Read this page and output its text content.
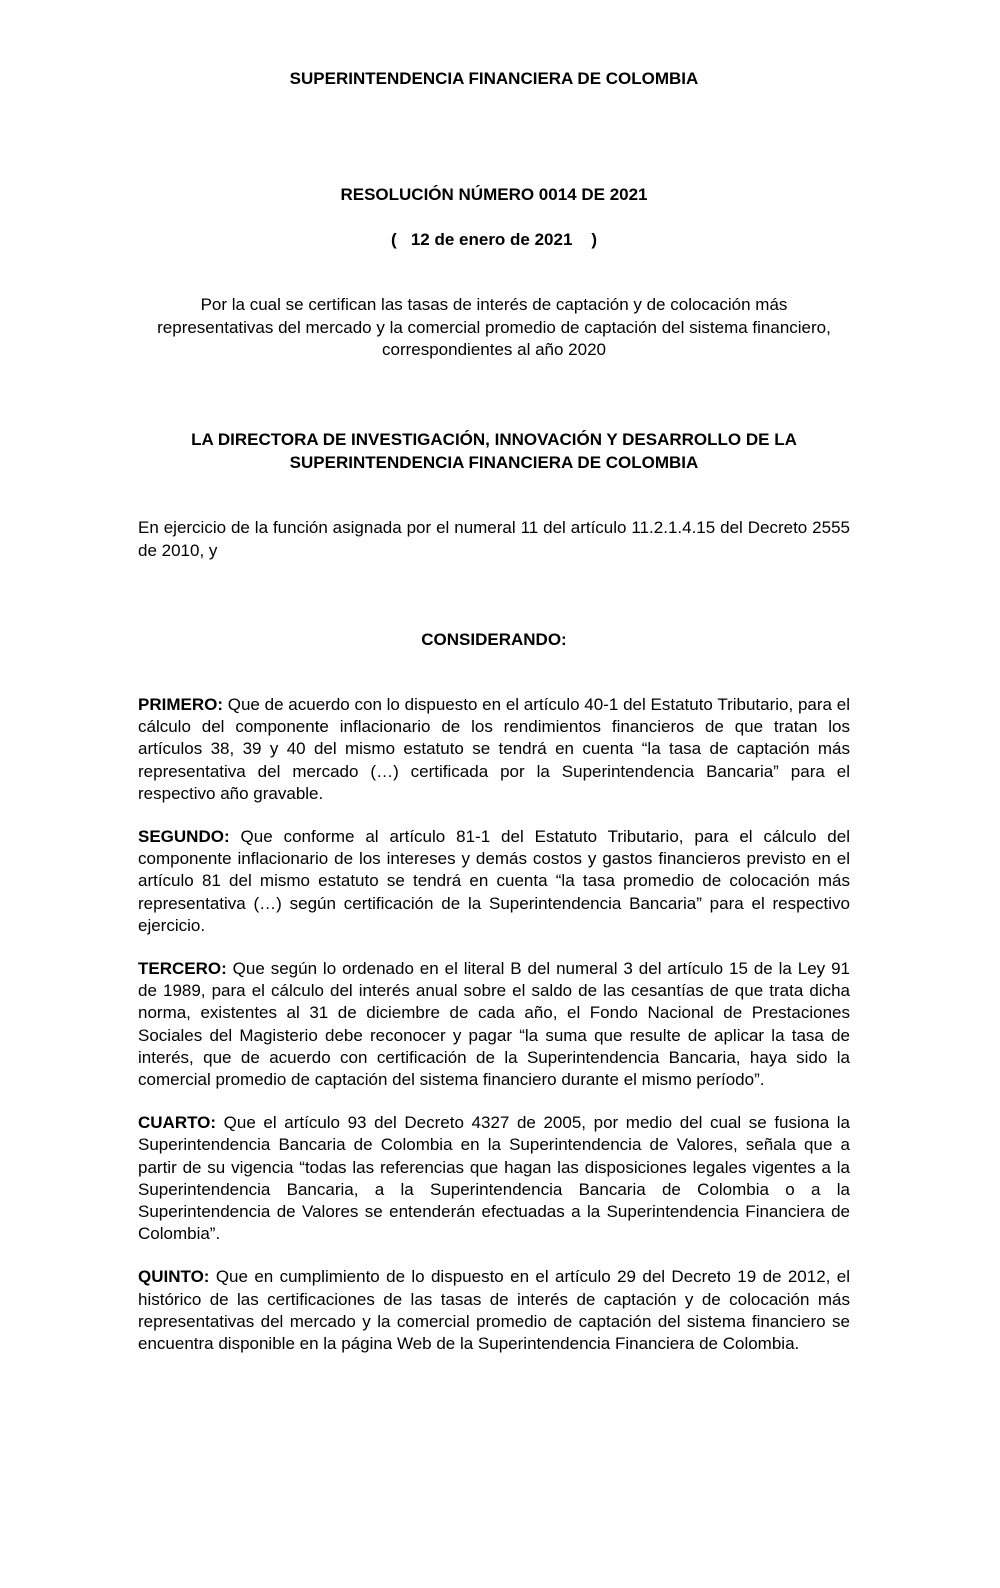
SUPERINTENDENCIA FINANCIERA DE COLOMBIA
RESOLUCIÓN NÚMERO 0014 DE 2021
(   12 de enero de 2021    )
Por la cual se certifican las tasas de interés de captación y de colocación más representativas del mercado y la comercial promedio de captación del sistema financiero, correspondientes al año 2020
LA DIRECTORA DE INVESTIGACIÓN, INNOVACIÓN Y DESARROLLO DE LA
SUPERINTENDENCIA FINANCIERA DE COLOMBIA
En ejercicio de la función asignada por el numeral 11 del artículo 11.2.1.4.15 del Decreto 2555 de 2010, y
CONSIDERANDO:

PRIMERO: Que de acuerdo con lo dispuesto en el artículo 40-1 del Estatuto Tributario, para el cálculo del componente inflacionario de los rendimientos financieros de que tratan los artículos 38, 39 y 40 del mismo estatuto se tendrá en cuenta “la tasa de captación más representativa del mercado (…) certificada por la Superintendencia Bancaria” para el respectivo año gravable.

SEGUNDO: Que conforme al artículo 81-1 del Estatuto Tributario, para el cálculo del componente inflacionario de los intereses y demás costos y gastos financieros previsto en el artículo 81 del mismo estatuto se tendrá en cuenta “la tasa promedio de colocación más representativa (…) según certificación de la Superintendencia Bancaria” para el respectivo ejercicio.

TERCERO: Que según lo ordenado en el literal B del numeral 3 del artículo 15 de la Ley 91 de 1989, para el cálculo del interés anual sobre el saldo de las cesantías de que trata dicha norma, existentes al 31 de diciembre de cada año, el Fondo Nacional de Prestaciones Sociales del Magisterio debe reconocer y pagar “la suma que resulte de aplicar la tasa de interés, que de acuerdo con certificación de la Superintendencia Bancaria, haya sido la comercial promedio de captación del sistema financiero durante el mismo período”.

CUARTO: Que el artículo 93 del Decreto 4327 de 2005, por medio del cual se fusiona la Superintendencia Bancaria de Colombia en la Superintendencia de Valores, señala que a partir de su vigencia “todas las referencias que hagan las disposiciones legales vigentes a la Superintendencia Bancaria, a la Superintendencia Bancaria de Colombia o a la Superintendencia de Valores se entenderán efectuadas a la Superintendencia Financiera de Colombia”.

QUINTO: Que en cumplimiento de lo dispuesto en el artículo 29 del Decreto 19 de 2012, el histórico de las certificaciones de las tasas de interés de captación y de colocación más representativas del mercado y la comercial promedio de captación del sistema financiero se encuentra disponible en la página Web de la Superintendencia Financiera de Colombia.
